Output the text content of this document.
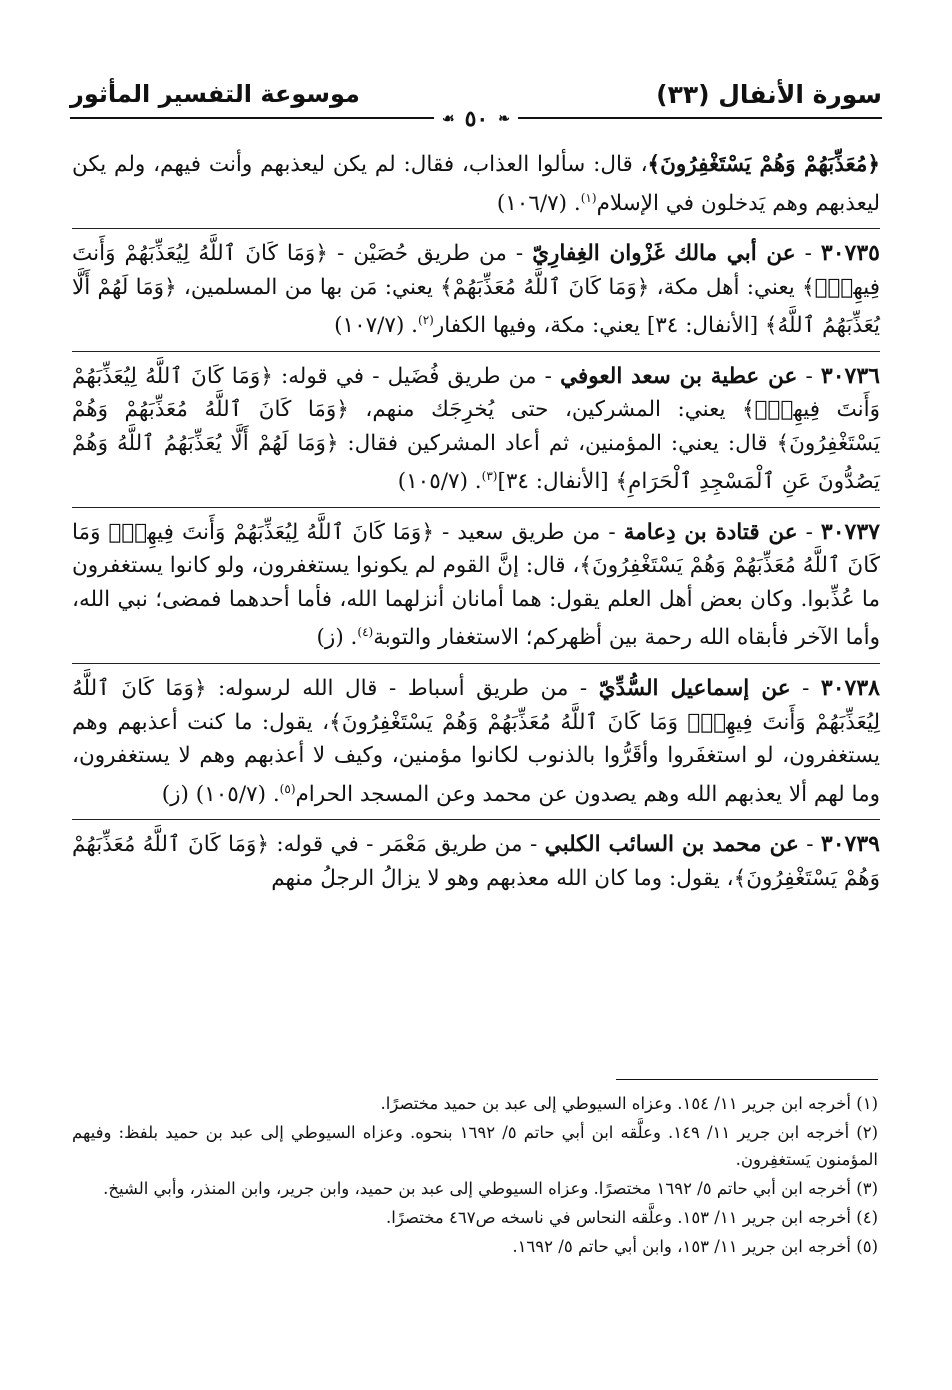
سورة الأنفال (٣٣)
موسوعة التفسير المأثور
❧
٥٠
☙

﴿مُعَذِّبَهُمْ وَهُمْ يَسْتَغْفِرُونَ﴾، قال: سألوا العذاب، فقال: لم يكن ليعذبهم وأنت فيهم، ولم يكن ليعذبهم وهم يَدخلون في الإسلام$^{(١)}$. (١٠٦/٧)

٣٠٧٣٥ - عن أبي مالك غَزْوان الغِفارِيّ - من طريق حُصَيْن - ﴿وَمَا كَانَ ٱللَّهُ لِيُعَذِّبَهُمْ وَأَنتَ فِيهِمْۚ﴾ يعني: أهل مكة، ﴿وَمَا كَانَ ٱللَّهُ مُعَذِّبَهُمْ﴾ يعني: مَن بها من المسلمين، ﴿وَمَا لَهُمْ أَلَّا يُعَذِّبَهُمُ ٱللَّهُ﴾ [الأنفال: ٣٤] يعني: مكة، وفيها الكفار$^{(٢)}$. (١٠٧/٧)

٣٠٧٣٦ - عن عطية بن سعد العوفي - من طريق فُضَيل - في قوله: ﴿وَمَا كَانَ ٱللَّهُ لِيُعَذِّبَهُمْ وَأَنتَ فِيهِمْۚ﴾ يعني: المشركين، حتى يُخرِجَك منهم، ﴿وَمَا كَانَ ٱللَّهُ مُعَذِّبَهُمْ وَهُمْ يَسْتَغْفِرُونَ﴾ قال: يعني: المؤمنين، ثم أعاد المشركين فقال: ﴿وَمَا لَهُمْ أَلَّا يُعَذِّبَهُمُ ٱللَّهُ وَهُمْ يَصُدُّونَ عَنِ ٱلْمَسْجِدِ ٱلْحَرَامِ﴾ [الأنفال: ٣٤]$^{(٣)}$. (١٠٥/٧)

٣٠٧٣٧ - عن قتادة بن دِعامة - من طريق سعيد - ﴿وَمَا كَانَ ٱللَّهُ لِيُعَذِّبَهُمْ وَأَنتَ فِيهِمْۚ وَمَا كَانَ ٱللَّهُ مُعَذِّبَهُمْ وَهُمْ يَسْتَغْفِرُونَ﴾، قال: إنَّ القوم لم يكونوا يستغفرون، ولو كانوا يستغفرون ما عُذِّبوا. وكان بعض أهل العلم يقول: هما أمانان أنزلهما الله، فأما أحدهما فمضى؛ نبي الله، وأما الآخر فأبقاه الله رحمة بين أظهركم؛ الاستغفار والتوبة$^{(٤)}$. (ز)

٣٠٧٣٨ - عن إسماعيل السُّدِّيّ - من طريق أسباط - قال الله لرسوله: ﴿وَمَا كَانَ ٱللَّهُ لِيُعَذِّبَهُمْ وَأَنتَ فِيهِمْۚ وَمَا كَانَ ٱللَّهُ مُعَذِّبَهُمْ وَهُمْ يَسْتَغْفِرُونَ﴾، يقول: ما كنت أعذبهم وهم يستغفرون، لو استغفَروا وأقَرُّوا بالذنوب لكانوا مؤمنين، وكيف لا أعذبهم وهم لا يستغفرون، وما لهم ألا يعذبهم الله وهم يصدون عن محمد وعن المسجد الحرام$^{(٥)}$. (١٠٥/٧) (ز)

٣٠٧٣٩ - عن محمد بن السائب الكلبي - من طريق مَعْمَر - في قوله: ﴿وَمَا كَانَ ٱللَّهُ مُعَذِّبَهُمْ وَهُمْ يَسْتَغْفِرُونَ﴾، يقول: وما كان الله معذبهم وهو لا يزالُ الرجلُ منهم

(١) أخرجه ابن جرير ١١/ ١٥٤. وعزاه السيوطي إلى عبد بن حميد مختصرًا.

(٢) أخرجه ابن جرير ١١/ ١٤٩. وعلَّقه ابن أبي حاتم ٥/ ١٦٩٢ بنحوه. وعزاه السيوطي إلى عبد بن حميد بلفظ: وفيهم المؤمنون يَستغفِرون.

(٣) أخرجه ابن أبي حاتم ٥/ ١٦٩٢ مختصرًا. وعزاه السيوطي إلى عبد بن حميد، وابن جرير، وابن المنذر، وأبي الشيخ.

(٤) أخرجه ابن جرير ١١/ ١٥٣. وعلَّقه النحاس في ناسخه ص٤٦٧ مختصرًا.

(٥) أخرجه ابن جرير ١١/ ١٥٣، وابن أبي حاتم ٥/ ١٦٩٢.
